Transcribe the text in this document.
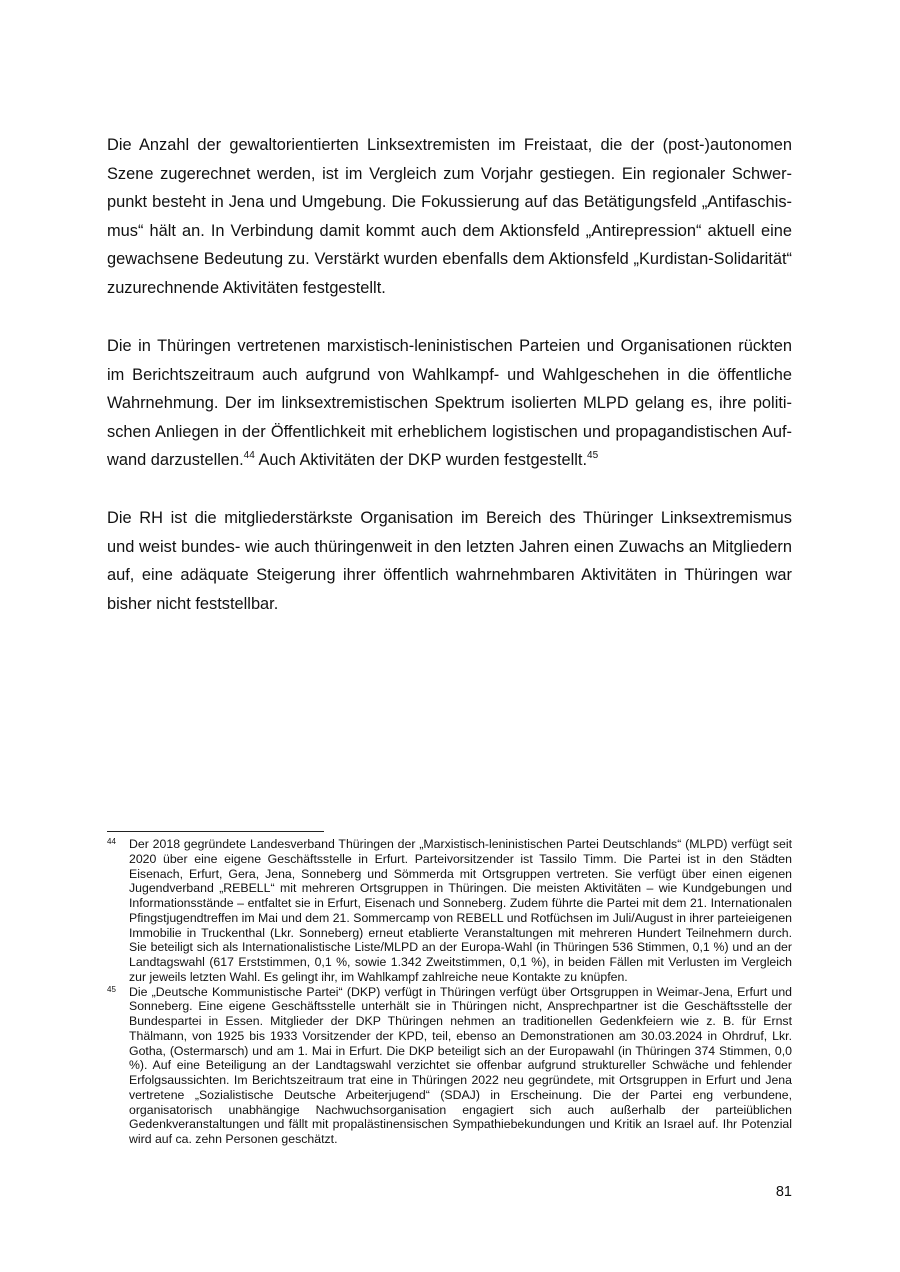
Die Anzahl der gewaltorientierten Linksextremisten im Freistaat, die der (post-)autonomen Szene zugerechnet werden, ist im Vergleich zum Vorjahr gestiegen. Ein regionaler Schwerpunkt besteht in Jena und Umgebung. Die Fokussierung auf das Betätigungsfeld „Antifaschismus“ hält an. In Verbindung damit kommt auch dem Aktionsfeld „Antirepression“ aktuell eine gewachsene Bedeutung zu. Verstärkt wurden ebenfalls dem Aktionsfeld „Kurdistan-Solidarität“ zuzurechnende Aktivitäten festgestellt.

Die in Thüringen vertretenen marxistisch-leninistischen Parteien und Organisationen rückten im Berichtszeitraum auch aufgrund von Wahlkampf- und Wahlgeschehen in die öffentliche Wahrnehmung. Der im linksextremistischen Spektrum isolierten MLPD gelang es, ihre politischen Anliegen in der Öffentlichkeit mit erheblichem logistischen und propagandistischen Aufwand darzustellen.$^{44}$ Auch Aktivitäten der DKP wurden festgestellt.$^{45}$

Die RH ist die mitgliederstärkste Organisation im Bereich des Thüringer Linksextremismus und weist bundes- wie auch thüringenweit in den letzten Jahren einen Zuwachs an Mitgliedern auf, eine adäquate Steigerung ihrer öffentlich wahrnehmbaren Aktivitäten in Thüringen war bisher nicht feststellbar.

44 Der 2018 gegründete Landesverband Thüringen der „Marxistisch-leninistischen Partei Deutschlands“ (MLPD) verfügt seit 2020 über eine eigene Geschäftsstelle in Erfurt. Parteivorsitzender ist Tassilo Timm. Die Partei ist in den Städten Eisenach, Erfurt, Gera, Jena, Sonneberg und Sömmerda mit Ortsgruppen vertreten. Sie verfügt über einen eigenen Jugendverband „REBELL“ mit mehreren Ortsgruppen in Thüringen. Die meisten Aktivitäten – wie Kundgebungen und Informationsstände – entfaltet sie in Erfurt, Eisenach und Sonneberg. Zudem führte die Partei mit dem 21. Internationalen Pfingstjugendtreffen im Mai und dem 21. Sommercamp von REBELL und Rotfüchsen im Juli/August in ihrer parteieigenen Immobilie in Truckenthal (Lkr. Sonneberg) erneut etablierte Veranstaltungen mit mehreren Hundert Teilnehmern durch. Sie beteiligt sich als Internationalistische Liste/MLPD an der Europa-Wahl (in Thüringen 536 Stimmen, 0,1 %) und an der Landtagswahl (617 Erststimmen, 0,1 %, sowie 1.342 Zweitstimmen, 0,1 %), in beiden Fällen mit Verlusten im Vergleich zur jeweils letzten Wahl. Es gelingt ihr, im Wahlkampf zahlreiche neue Kontakte zu knüpfen.

45 Die „Deutsche Kommunistische Partei“ (DKP) verfügt in Thüringen verfügt über Ortsgruppen in Weimar-Jena, Erfurt und Sonneberg. Eine eigene Geschäftsstelle unterhält sie in Thüringen nicht, Ansprechpartner ist die Geschäftsstelle der Bundespartei in Essen. Mitglieder der DKP Thüringen nehmen an traditionellen Gedenkfeiern wie z. B. für Ernst Thälmann, von 1925 bis 1933 Vorsitzender der KPD, teil, ebenso an Demonstrationen am 30.03.2024 in Ohrdruf, Lkr. Gotha, (Ostermarsch) und am 1. Mai in Erfurt. Die DKP beteiligt sich an der Europawahl (in Thüringen 374 Stimmen, 0,0 %). Auf eine Beteiligung an der Landtagswahl verzichtet sie offenbar aufgrund struktureller Schwäche und fehlender Erfolgsaussichten. Im Berichtszeitraum trat eine in Thüringen 2022 neu gegründete, mit Ortsgruppen in Erfurt und Jena vertretene „Sozialistische Deutsche Arbeiterjugend“ (SDAJ) in Erscheinung. Die der Partei eng verbundene, organisatorisch unabhängige Nachwuchsorganisation engagiert sich auch außerhalb der parteiüblichen Gedenkveranstaltungen und fällt mit propalästinensischen Sympathiebekundungen und Kritik an Israel auf. Ihr Potenzial wird auf ca. zehn Personen geschätzt.

81
